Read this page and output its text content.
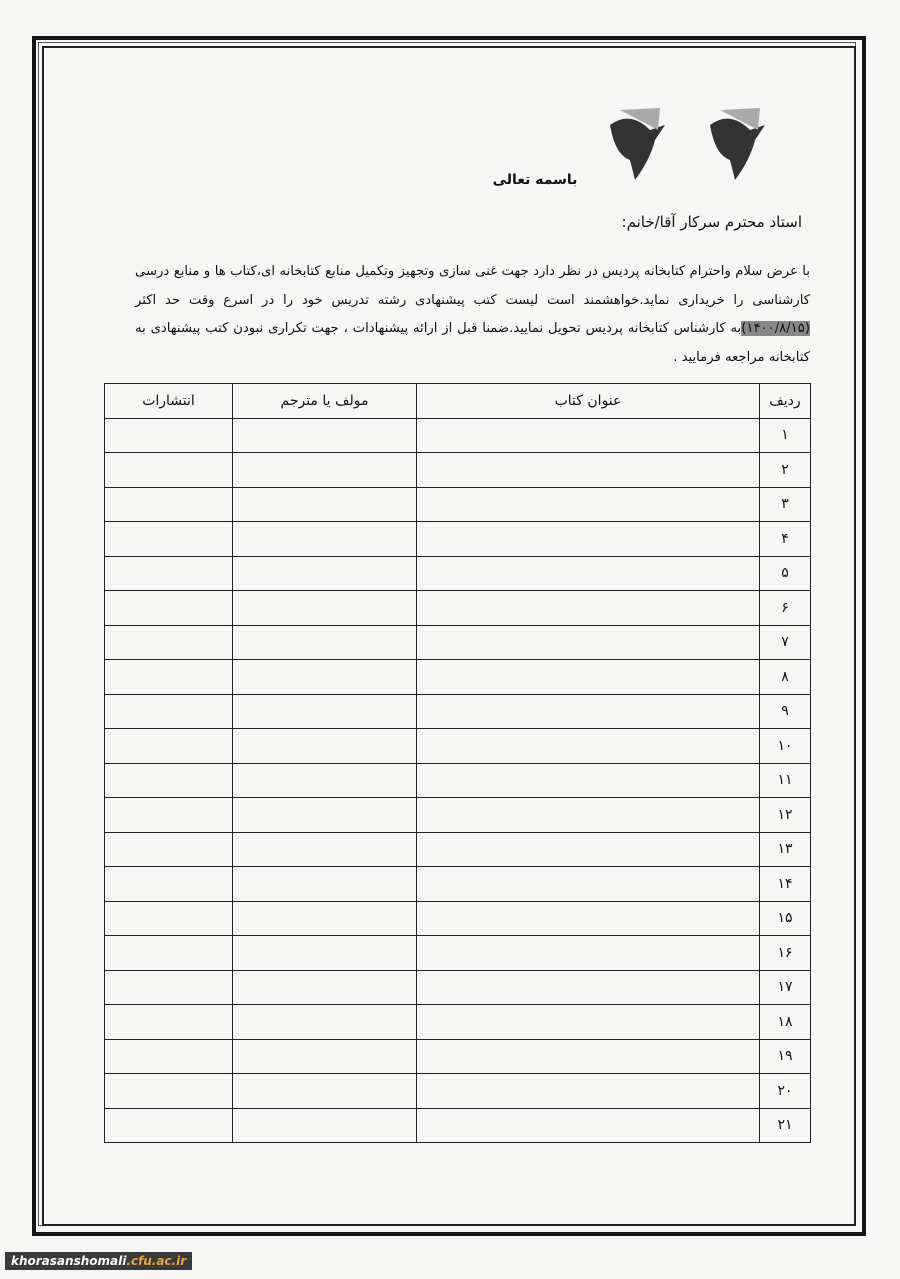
باسمه تعالی
استاد محترم سرکار آقا/خانم:
با عرض سلام واحترام کتابخانه پردیس در نظر دارد جهت غنی سازی وتجهیز وتکمیل منابع کتابخانه ای،کتاب ها و منابع درسی کارشناسی را خریداری نماید.خواهشمند است لیست کتب پیشنهادی رشته تدریس خود را در اسرع وقت حد اکثر (۱۴۰۰/۸/۱۵)به کارشناس کتابخانه پردیس تحویل نمایید.ضمنا قبل از ارائه پیشنهادات ، جهت تکراری نبودن کتب پیشنهادی به کتابخانه مراجعه فرمایید .
ردیف	عنوان کتاب	مولف یا مترجم	انتشارات
۱			
۲			
۳			
۴			
۵			
۶			
۷			
۸			
۹			
۱۰			
۱۱			
۱۲			
۱۳			
۱۴			
۱۵			
۱۶			
۱۷			
۱۸			
۱۹			
۲۰			
۲۱			
khorasanshomali.cfu.ac.ir
